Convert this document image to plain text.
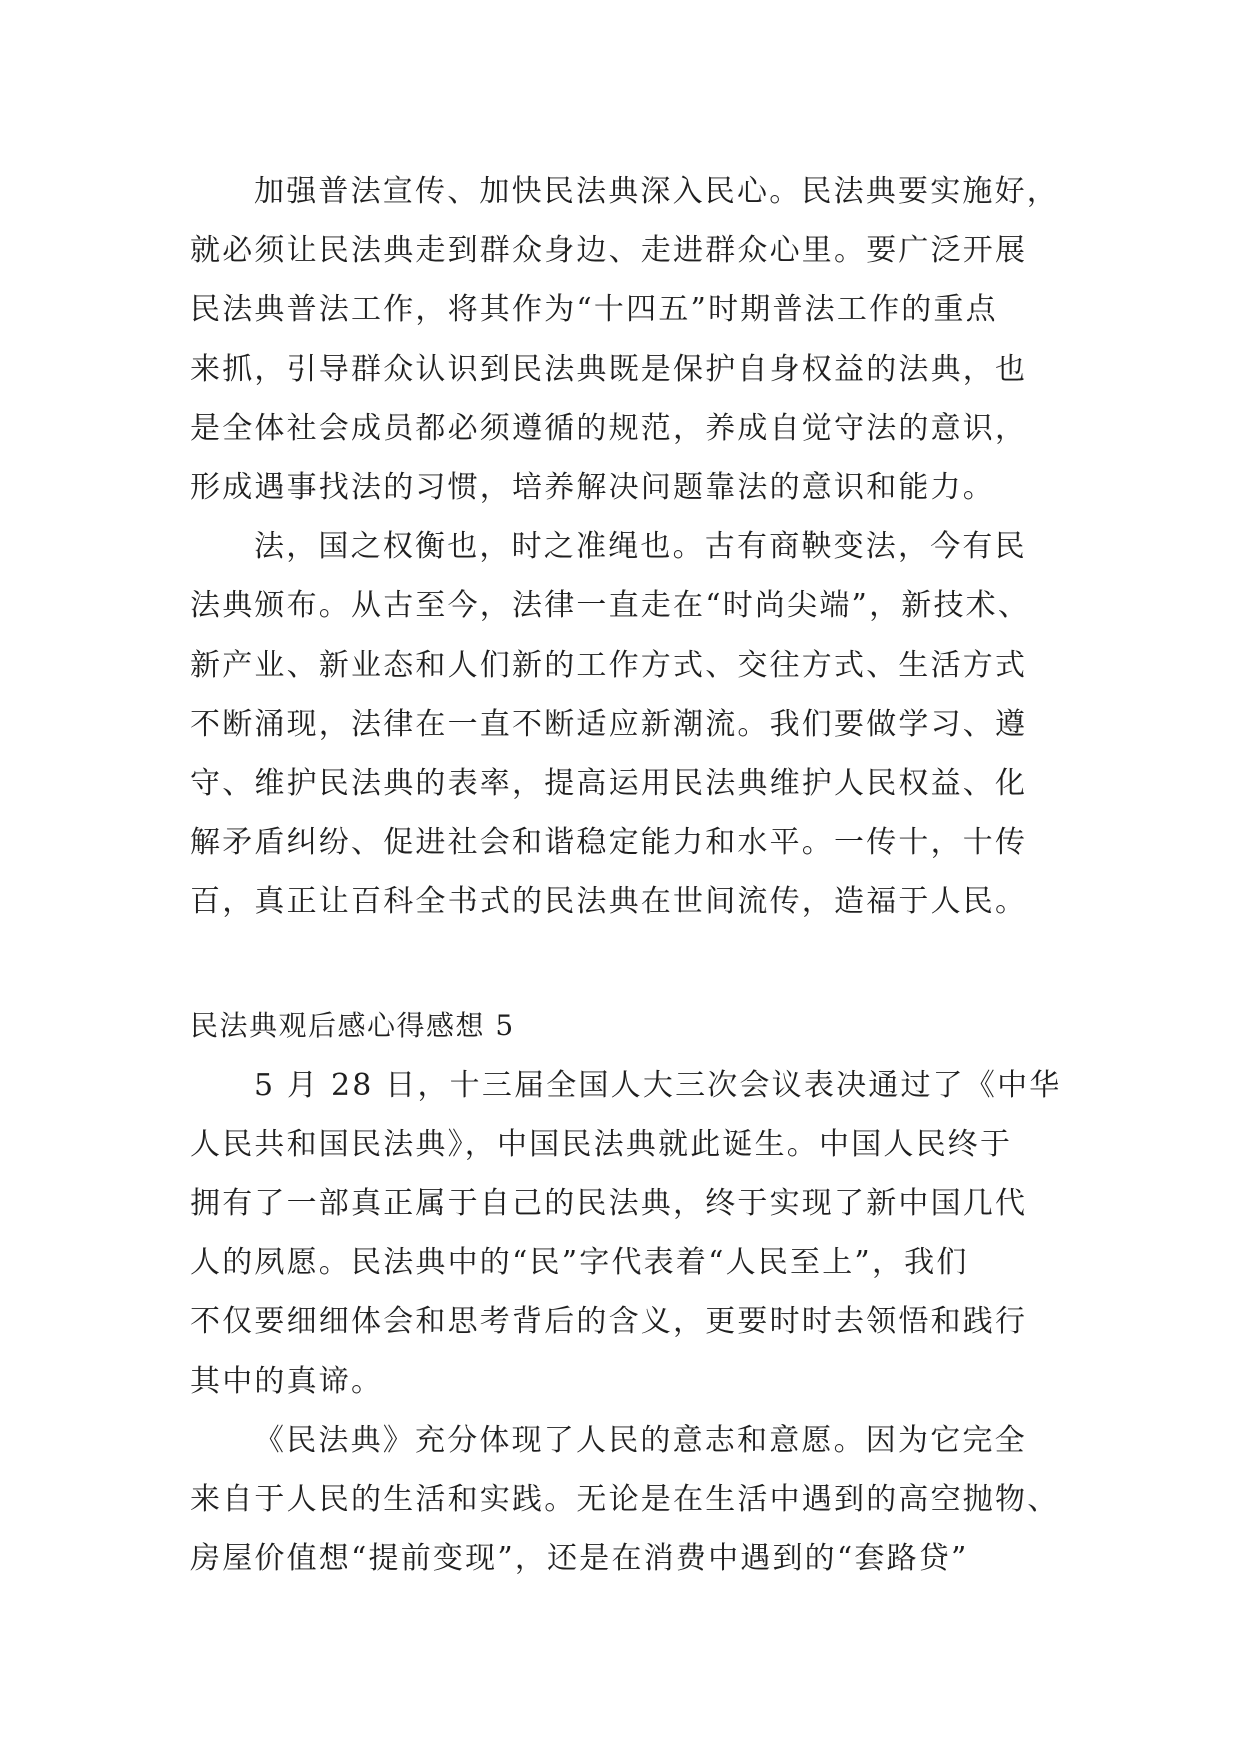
加强普法宣传、加快民法典深入民心。民法典要实施好，
就必须让民法典走到群众身边、走进群众心里。要广泛开展
民法典普法工作，将其作为“十四五”时期普法工作的重点
来抓，引导群众认识到民法典既是保护自身权益的法典，也
是全体社会成员都必须遵循的规范，养成自觉守法的意识，
形成遇事找法的习惯，培养解决问题靠法的意识和能力。
法，国之权衡也，时之准绳也。古有商鞅变法，今有民
法典颁布。从古至今，法律一直走在“时尚尖端”，新技术、
新产业、新业态和人们新的工作方式、交往方式、生活方式
不断涌现，法律在一直不断适应新潮流。我们要做学习、遵
守、维护民法典的表率，提高运用民法典维护人民权益、化
解矛盾纠纷、促进社会和谐稳定能力和水平。一传十，十传
百，真正让百科全书式的民法典在世间流传，造福于人民。
民法典观后感心得感想 5
5 月 28 日，十三届全国人大三次会议表决通过了《中华
人民共和国民法典》，中国民法典就此诞生。中国人民终于
拥有了一部真正属于自己的民法典，终于实现了新中国几代
人的夙愿。民法典中的“民”字代表着“人民至上”，我们
不仅要细细体会和思考背后的含义，更要时时去领悟和践行
其中的真谛。
《民法典》充分体现了人民的意志和意愿。因为它完全
来自于人民的生活和实践。无论是在生活中遇到的高空抛物、
房屋价值想“提前变现”，还是在消费中遇到的“套路贷”
